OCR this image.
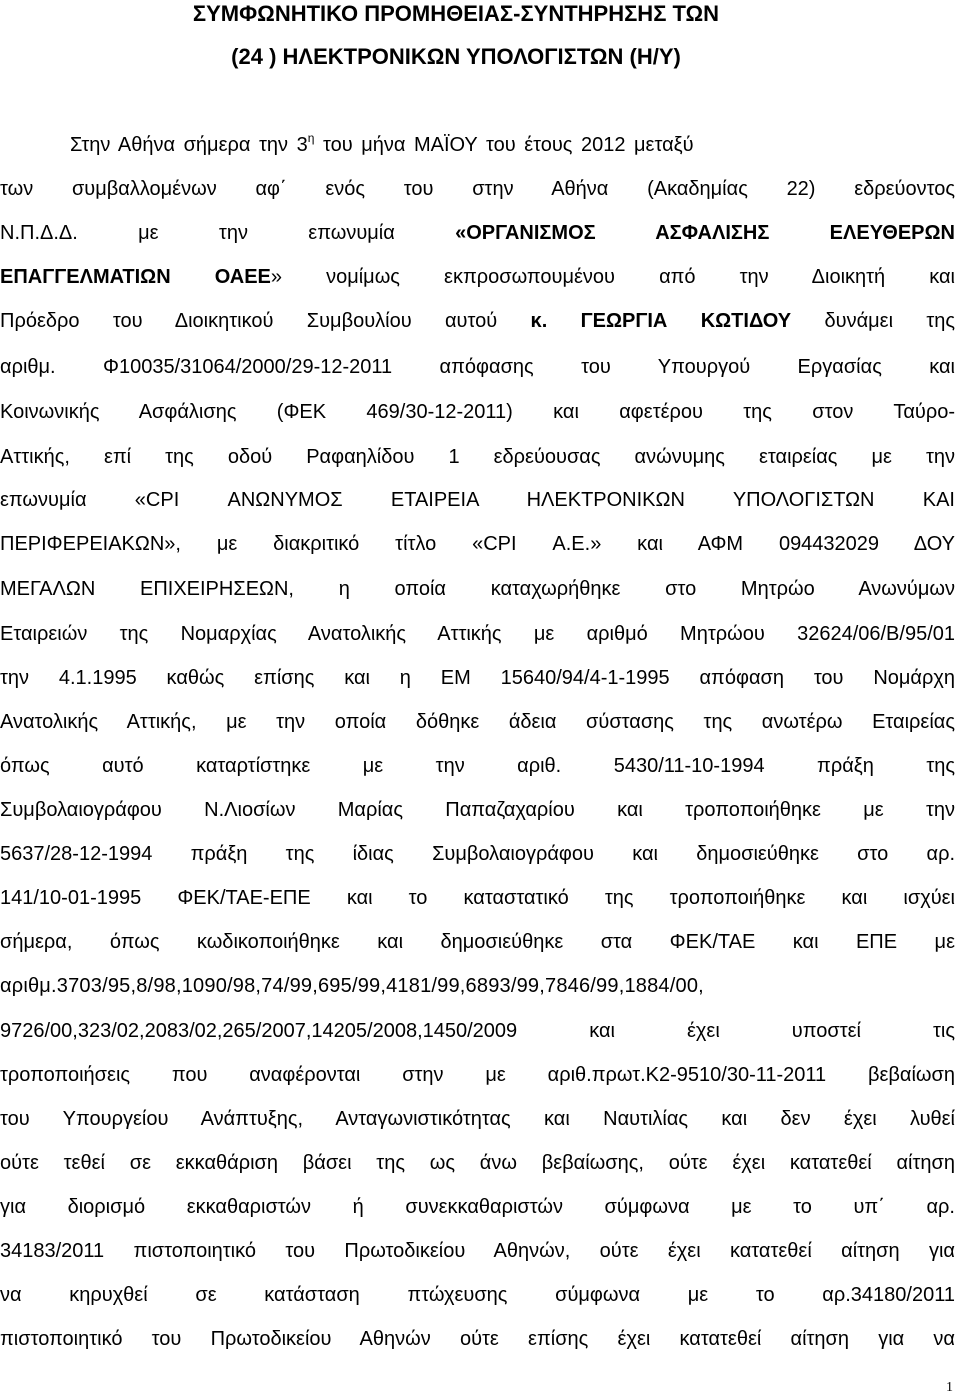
ΣΥΜΦΩΝΗΤΙΚΟ ΠΡΟΜΗΘΕΙΑΣ-ΣΥΝΤΗΡΗΣΗΣ ΤΩΝ
(24 ) ΗΛΕΚΤΡΟΝΙΚΩΝ ΥΠΟΛΟΓΙΣΤΩΝ (Η/Υ)
Στην Αθήνα σήμερα την $3^\eta$ του μήνα ΜΑΪΟΥ του έτους 2012 μεταξύ
των συμβαλλομένων αφ΄ ενός του στην Αθήνα (Ακαδημίας 22) εδρεύοντος
Ν.Π.Δ.Δ. με την επωνυμία	«ΟΡΓΑΝΙΣΜΟΣ ΑΣΦΑΛΙΣΗΣ ΕΛΕΥΘΕΡΩΝ
ΕΠΑΓΓΕΛΜΑΤΙΩΝ ΟΑΕΕ» νομίμως εκπροσωπουμένου από την Διοικητή και
Πρόεδρο του Διοικητικού Συμβουλίου αυτού κ. ΓΕΩΡΓΙΑ ΚΩΤΙΔΟΥ δυνάμει της
αριθμ. Φ10035/31064/2000/29-12-2011 απόφασης του Υπουργού Εργασίας και
Κοινωνικής Ασφάλισης (ΦΕΚ 469/30-12-2011) και αφετέρου της στον Ταύρο-
Αττικής, επί της οδού Ραφαηλίδου 1 εδρεύουσας ανώνυμης εταιρείας με την
επωνυμία «CPI ΑΝΩΝΥΜΟΣ ΕΤΑΙΡΕΙΑ ΗΛΕΚΤΡΟΝΙΚΩΝ ΥΠΟΛΟΓΙΣΤΩΝ ΚΑΙ
ΠΕΡΙΦΕΡΕΙΑΚΩΝ», με διακριτικό τίτλο «CPI Α.Ε.» και ΑΦΜ 094432029 ΔΟΥ
ΜΕΓΑΛΩΝ ΕΠΙΧΕΙΡΗΣΕΩΝ, η οποία καταχωρήθηκε στο Μητρώο Ανωνύμων
Εταιρειών της Νομαρχίας Ανατολικής Αττικής με αριθμό Μητρώου 32624/06/Β/95/01
την 4.1.1995 καθώς επίσης και η ΕΜ 15640/94/4-1-1995 απόφαση του Νομάρχη
Ανατολικής Αττικής, με την οποία δόθηκε άδεια σύστασης της ανωτέρω Εταιρείας
όπως αυτό καταρτίστηκε με την αριθ. 5430/11-10-1994 πράξη της
Συμβολαιογράφου Ν.Λιοσίων Μαρίας Παπαζαχαρίου και τροποποιήθηκε με την
5637/28-12-1994 πράξη της ίδιας Συμβολαιογράφου και δημοσιεύθηκε στο αρ.
141/10-01-1995 ΦΕΚ/ΤΑΕ-ΕΠΕ και το καταστατικό της τροποποιήθηκε και ισχύει
σήμερα, όπως κωδικοποιήθηκε και δημοσιεύθηκε στα ΦΕΚ/ΤΑΕ και ΕΠΕ με
αριθμ.3703/95,8/98,1090/98,74/99,695/99,4181/99,6893/99,7846/99,1884/00,
9726/00,323/02,2083/02,265/2007,14205/2008,1450/2009 και έχει υποστεί τις
τροποποιήσεις που αναφέρονται στην με αριθ.πρωτ.Κ2-9510/30-11-2011 βεβαίωση
του Υπουργείου Ανάπτυξης, Ανταγωνιστικότητας και Ναυτιλίας και δεν έχει λυθεί
ούτε τεθεί σε εκκαθάριση βάσει της ως άνω βεβαίωσης, ούτε έχει κατατεθεί αίτηση
για διορισμό εκκαθαριστών ή συνεκκαθαριστών σύμφωνα με το υπ΄ αρ.
34183/2011 πιστοποιητικό του Πρωτοδικείου Αθηνών, ούτε έχει κατατεθεί αίτηση για
να κηρυχθεί σε κατάσταση πτώχευσης σύμφωνα με το αρ.34180/2011
πιστοποιητικό του Πρωτοδικείου Αθηνών ούτε επίσης έχει κατατεθεί αίτηση για να
1
